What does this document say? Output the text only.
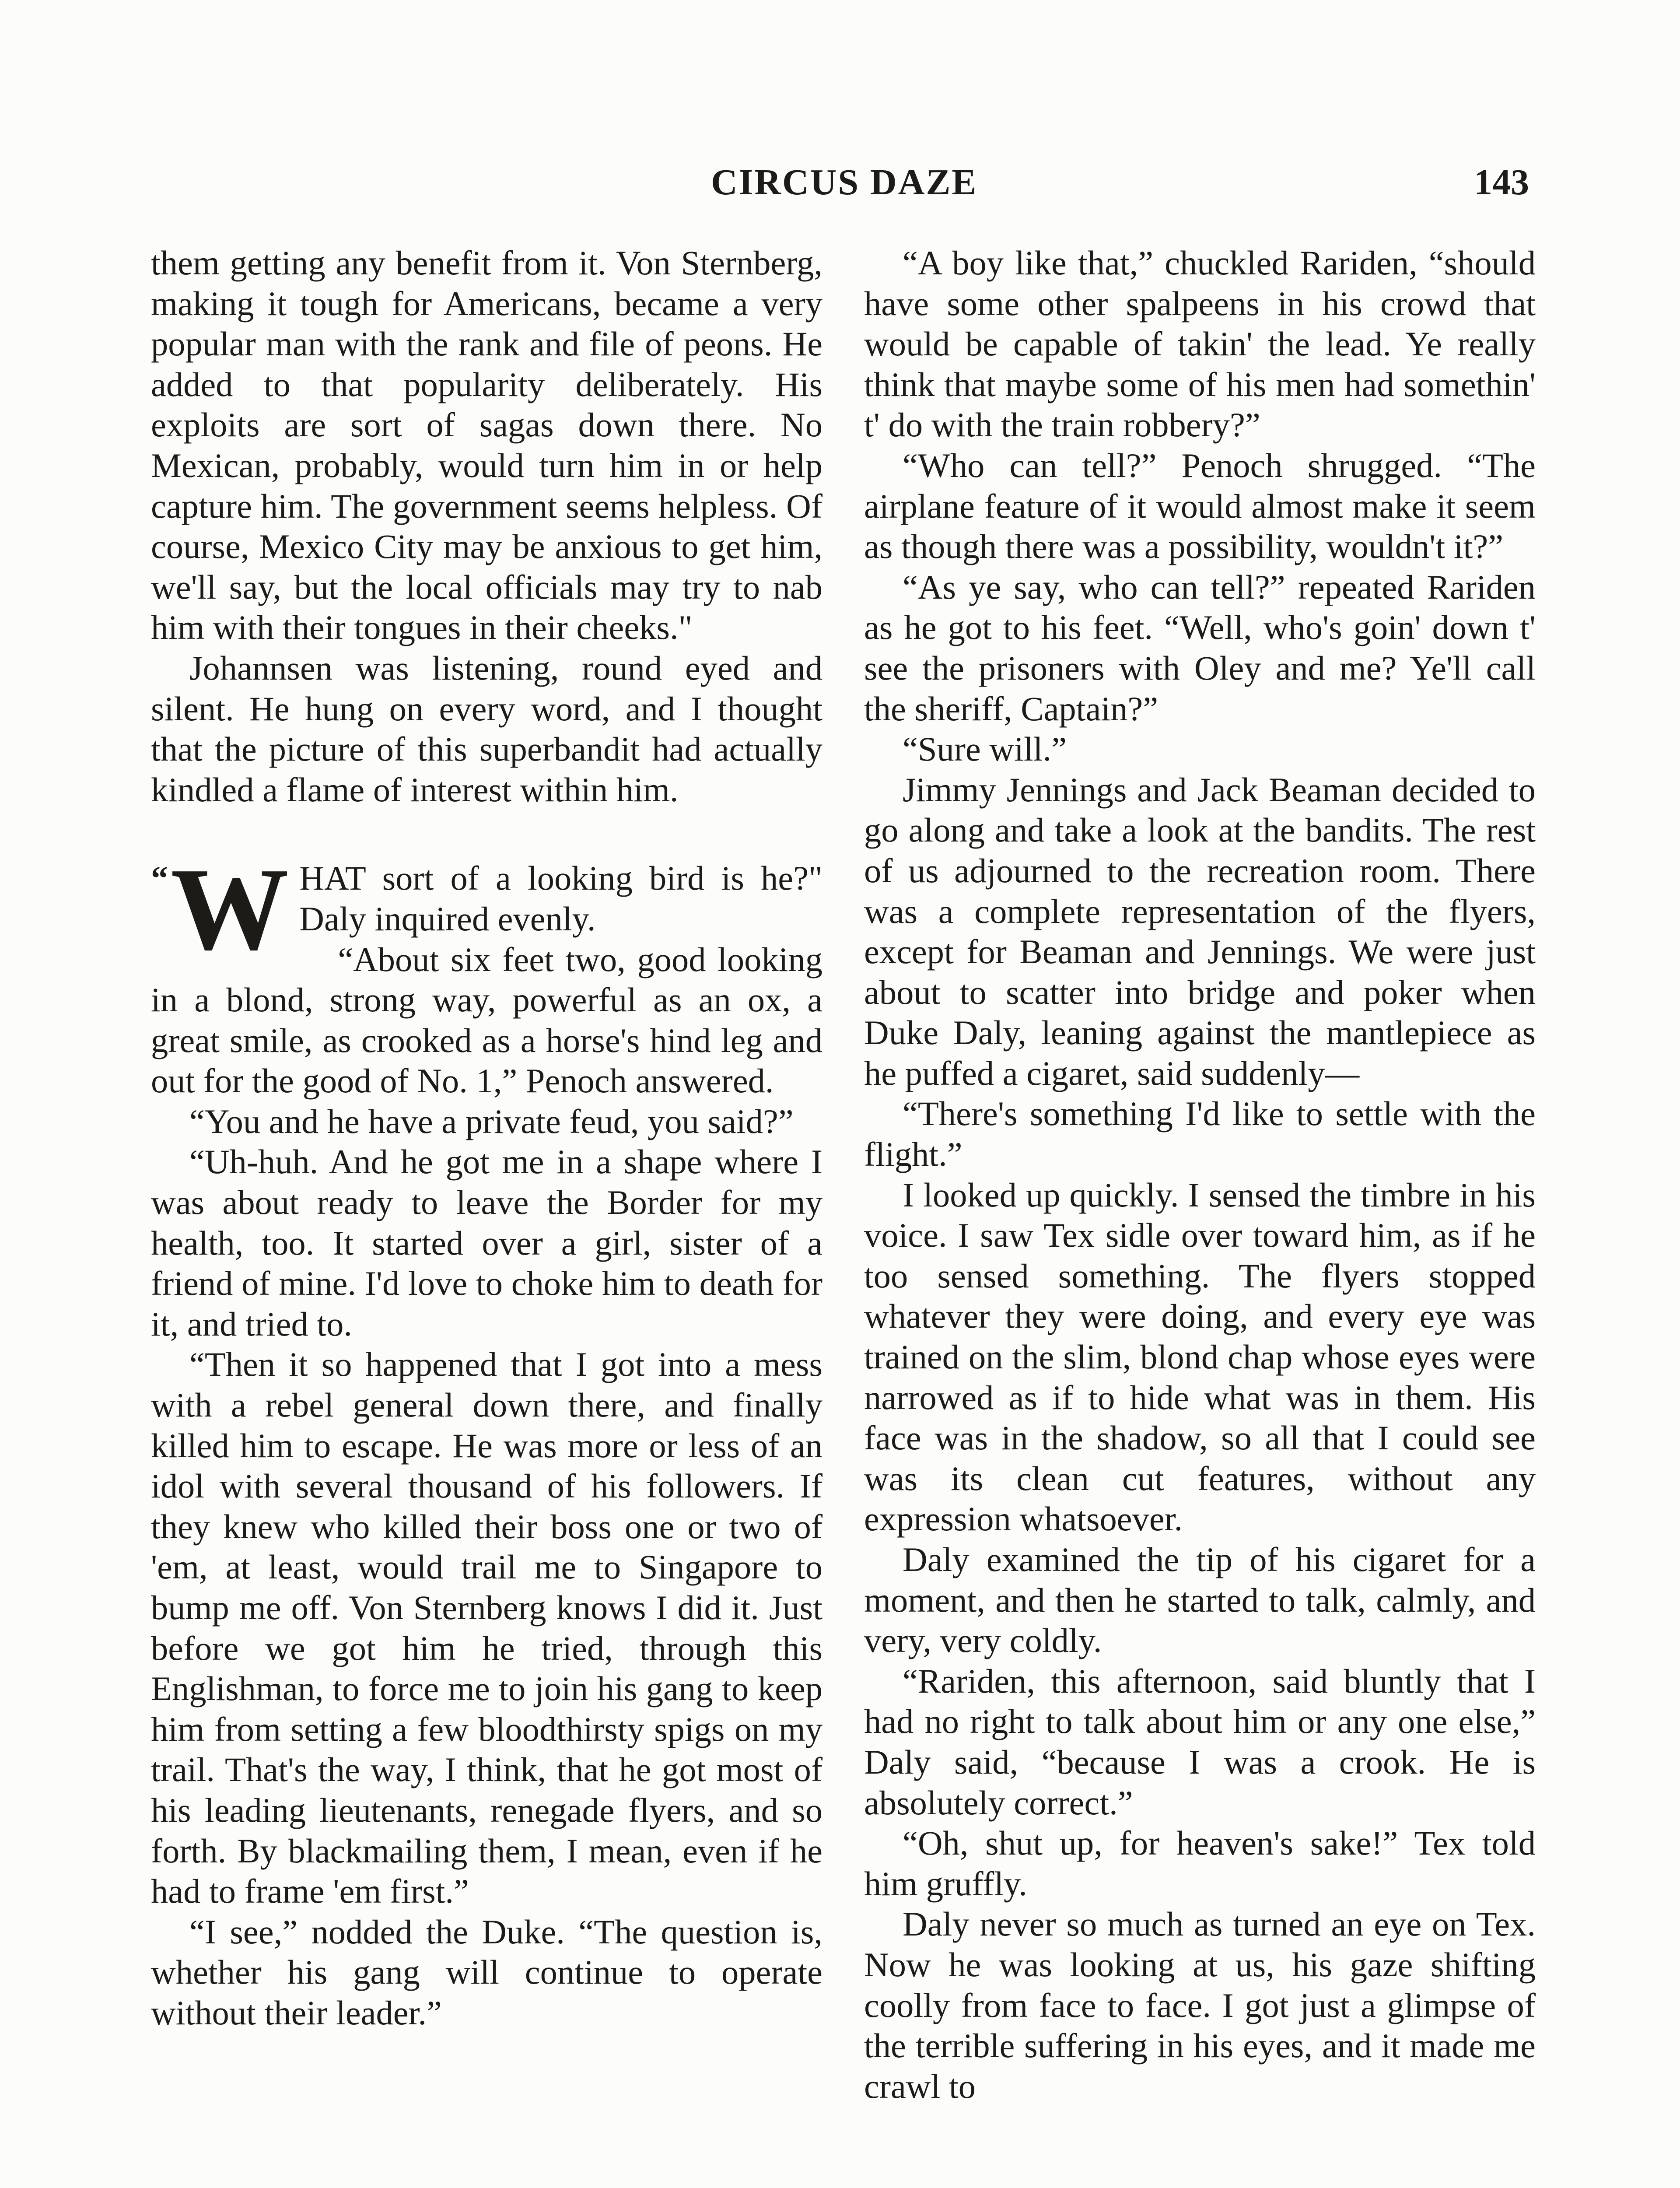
CIRCUS DAZE	143

them getting any benefit from it. Von Sternberg, making it tough for Americans, became a very popular man with the rank and file of peons. He added to that popularity deliberately. His exploits are sort of sagas down there. No Mexican, probably, would turn him in or help capture him. The government seems helpless. Of course, Mexico City may be anxious to get him, we'll say, but the local officials may try to nab him with their tongues in their cheeks."

Johannsen was listening, round eyed and silent. He hung on every word, and I thought that the picture of this superbandit had actually kindled a flame of interest within him.

“ W HAT sort of a looking bird is he?" Daly inquired evenly.

“About six feet two, good looking in a blond, strong way, powerful as an ox, a great smile, as crooked as a horse's hind leg and out for the good of No. 1,” Penoch answered.

“You and he have a private feud, you said?”

“Uh-huh. And he got me in a shape where I was about ready to leave the Border for my health, too. It started over a girl, sister of a friend of mine. I'd love to choke him to death for it, and tried to.

“Then it so happened that I got into a mess with a rebel general down there, and finally killed him to escape. He was more or less of an idol with several thousand of his followers. If they knew who killed their boss one or two of 'em, at least, would trail me to Singapore to bump me off. Von Sternberg knows I did it. Just before we got him he tried, through this Englishman, to force me to join his gang to keep him from setting a few bloodthirsty spigs on my trail. That's the way, I think, that he got most of his leading lieutenants, renegade flyers, and so forth. By blackmailing them, I mean, even if he had to frame 'em first.”

“I see,” nodded the Duke. “The question is, whether his gang will continue to operate without their leader.”

“A boy like that,” chuckled Rariden, “should have some other spalpeens in his crowd that would be capable of takin' the lead. Ye really think that maybe some of his men had somethin' t' do with the train robbery?”

“Who can tell?” Penoch shrugged. “The airplane feature of it would almost make it seem as though there was a possibility, wouldn't it?”

“As ye say, who can tell?” repeated Rariden as he got to his feet. “Well, who's goin' down t' see the prisoners with Oley and me? Ye'll call the sheriff, Captain?”

“Sure will.”

Jimmy Jennings and Jack Beaman decided to go along and take a look at the bandits. The rest of us adjourned to the recreation room. There was a complete representation of the flyers, except for Beaman and Jennings. We were just about to scatter into bridge and poker when Duke Daly, leaning against the mantlepiece as he puffed a cigaret, said suddenly—

“There's something I'd like to settle with the flight.”

I looked up quickly. I sensed the timbre in his voice. I saw Tex sidle over toward him, as if he too sensed something. The flyers stopped whatever they were doing, and every eye was trained on the slim, blond chap whose eyes were narrowed as if to hide what was in them. His face was in the shadow, so all that I could see was its clean cut features, without any expression whatsoever.

Daly examined the tip of his cigaret for a moment, and then he started to talk, calmly, and very, very coldly.

“Rariden, this afternoon, said bluntly that I had no right to talk about him or any one else,” Daly said, “because I was a crook. He is absolutely correct.”

“Oh, shut up, for heaven's sake!” Tex told him gruffly.

Daly never so much as turned an eye on Tex. Now he was looking at us, his gaze shifting coolly from face to face. I got just a glimpse of the terrible suffering in his eyes, and it made me crawl to
